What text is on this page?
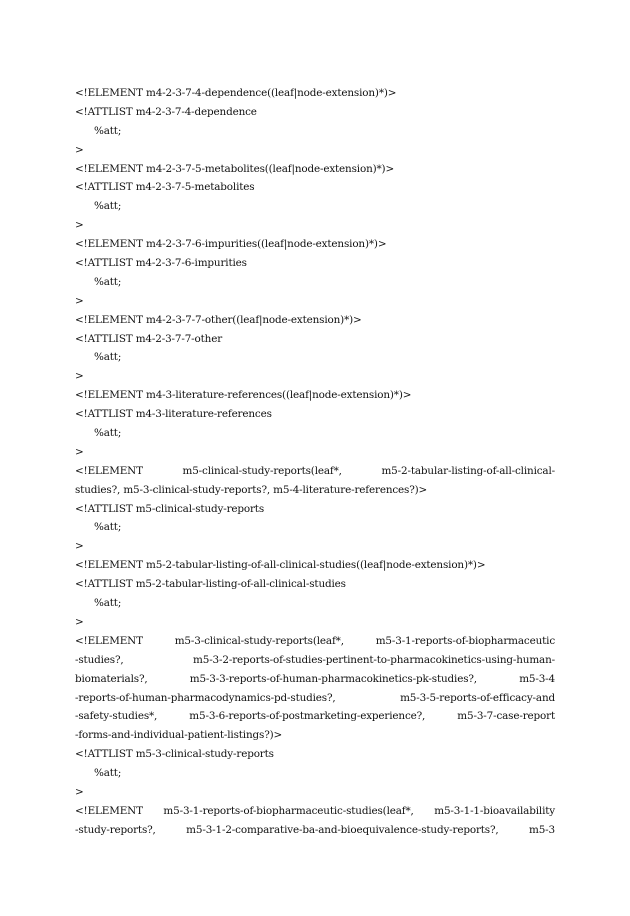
<!ELEMENT m4-2-3-7-4-dependence((leaf|node-extension)*)>
<!ATTLIST m4-2-3-7-4-dependence
%att;
>
<!ELEMENT m4-2-3-7-5-metabolites((leaf|node-extension)*)>
<!ATTLIST m4-2-3-7-5-metabolites
%att;
>
<!ELEMENT m4-2-3-7-6-impurities((leaf|node-extension)*)>
<!ATTLIST m4-2-3-7-6-impurities
%att;
>
<!ELEMENT m4-2-3-7-7-other((leaf|node-extension)*)>
<!ATTLIST m4-2-3-7-7-other
%att;
>
<!ELEMENT m4-3-literature-references((leaf|node-extension)*)>
<!ATTLIST m4-3-literature-references
%att;
>
<!ELEMENT m5-clinical-study-reports(leaf*, m5-2-tabular-listing-of-all-clinical-
studies?, m5-3-clinical-study-reports?, m5-4-literature-references?)>
<!ATTLIST m5-clinical-study-reports
%att;
>
<!ELEMENT m5-2-tabular-listing-of-all-clinical-studies((leaf|node-extension)*)>
<!ATTLIST m5-2-tabular-listing-of-all-clinical-studies
%att;
>
<!ELEMENT m5-3-clinical-study-reports(leaf*, m5-3-1-reports-of-biopharmaceutic
-studies?, m5-3-2-reports-of-studies-pertinent-to-pharmacokinetics-using-human-
biomaterials?, m5-3-3-reports-of-human-pharmacokinetics-pk-studies?, m5-3-4
-reports-of-human-pharmacodynamics-pd-studies?, m5-3-5-reports-of-efficacy-and
-safety-studies*, m5-3-6-reports-of-postmarketing-experience?, m5-3-7-case-report
-forms-and-individual-patient-listings?)>
<!ATTLIST m5-3-clinical-study-reports
%att;
>
<!ELEMENT m5-3-1-reports-of-biopharmaceutic-studies(leaf*, m5-3-1-1-bioavailability
-study-reports?, m5-3-1-2-comparative-ba-and-bioequivalence-study-reports?, m5-3
